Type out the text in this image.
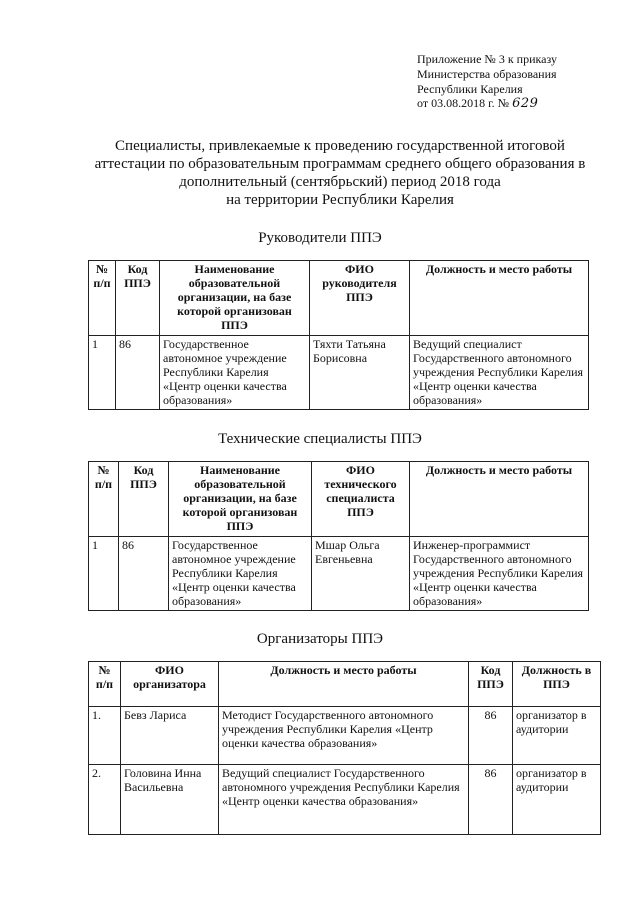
Приложение № 3 к приказу
Министерства образования
Республики Карелия
от 03.08.2018 г. № 629
Специалисты, привлекаемые к проведению государственной итоговой
аттестации по образовательным программам среднего общего образования в
дополнительный (сентябрьский) период 2018 года
на территории Республики Карелия
Руководители ППЭ
№ п/п	Код ППЭ	Наименование образовательной организации, на базе которой организован ППЭ	ФИО руководителя ППЭ	Должность и место работы
1	86	Государственное автономное учреждение Республики Карелия «Центр оценки качества образования»	Тяхти Татьяна Борисовна	Ведущий специалист Государственного автономного учреждения Республики Карелия «Центр оценки качества образования»
Технические специалисты ППЭ
№ п/п	Код ППЭ	Наименование образовательной организации, на базе которой организован ППЭ	ФИО технического специалиста ППЭ	Должность и место работы
1	86	Государственное автономное учреждение Республики Карелия «Центр оценки качества образования»	Мшар Ольга Евгеньевна	Инженер-программист Государственного автономного учреждения Республики Карелия «Центр оценки качества образования»
Организаторы ППЭ
№ п/п	ФИО организатора	Должность и место работы	Код ППЭ	Должность в ППЭ
1.	Бевз Лариса	Методист Государственного автономного учреждения Республики Карелия «Центр оценки качества образования»	86	организатор в аудитории
2.	Головина Инна Васильевна	Ведущий специалист Государственного автономного учреждения Республики Карелия «Центр оценки качества образования»	86	организатор в аудитории
